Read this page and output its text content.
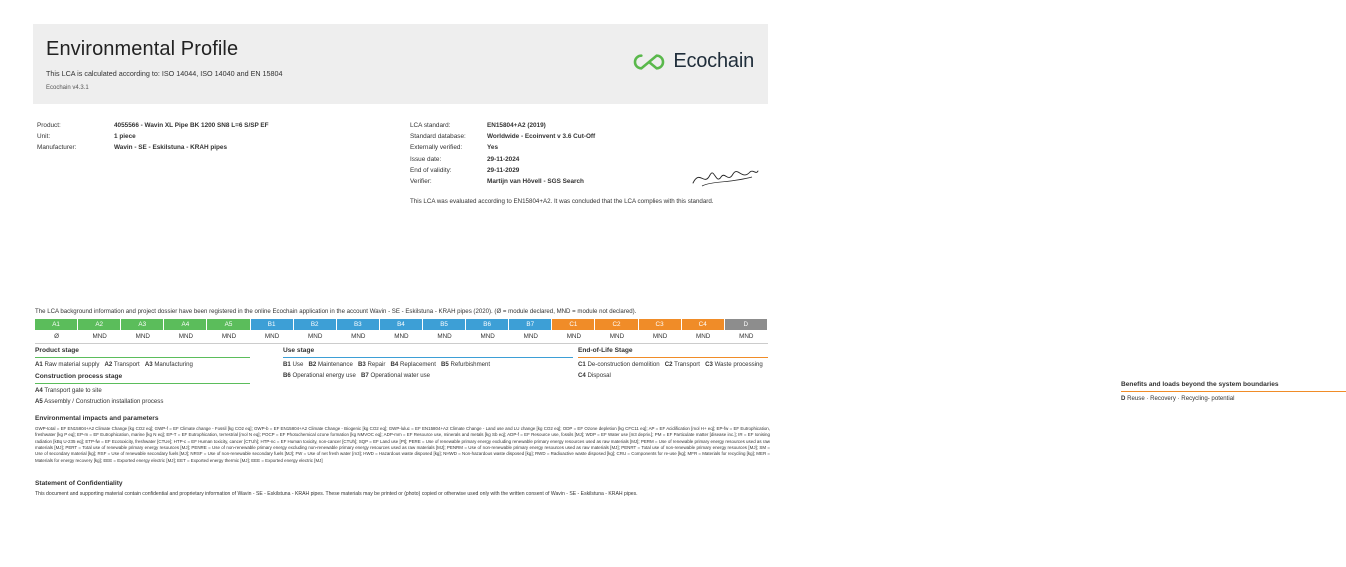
Environmental Profile
This LCA is calculated according to: ISO 14044, ISO 14040 and EN 15804
Ecochain v4.3.1
Ecochain
Product:	4055566 - Wavin XL Pipe BK 1200 SN8 L=6 S/SP EF
Unit:	1 piece
Manufacturer:	Wavin - SE - Eskilstuna - KRAH pipes
LCA standard:	EN15804+A2 (2019)
Standard database:	Worldwide - Ecoinvent v 3.6 Cut-Off
Externally verified:	Yes
Issue date:	29-11-2024
End of validity:	29-11-2029
Verifier:	Martijn van Hövell - SGS Search
This LCA was evaluated according to EN15804+A2. It was concluded that the LCA complies with this standard.
The LCA background information and project dossier have been registered in the online Ecochain application in the account Wavin - SE - Eskilstuna - KRAH pipes (2020). (Ø = module declared, MND = module not declared).
A1	A2	A3	A4	A5	B1	B2	B3	B4	B5	B6	B7	C1	C2	C3	C4	D
Ø	MND	MND	MND	MND	MND	MND	MND	MND	MND	MND	MND	MND	MND	MND	MND	MND
Product stage
A1 Raw material supply A2 Transport A3 Manufacturing
Construction process stage
A4 Transport gate to site
A5 Assembly / Construction installation process
Use stage
B1 Use B2 Maintenance B3 Repair B4 Replacement B5 Refurbishment
B6 Operational energy use B7 Operational water use
End-of-Life Stage
C1 De-construction demolition C2 Transport C3 Waste processing
C4 Disposal
Benefits and loads beyond the system boundaries
D Reuse · Recovery · Recycling- potential
Environmental impacts and parameters
GWP-total = EF EN15804+A2 Climate Change [kg CO2 eq]; GWP-f = EF Climate change - Fossil [kg CO2 eq]; GWP-b = EF EN15804+A2 Climate Change - Biogenic [kg CO2 eq]; GWP-luluc = EF EN15804+A2 Climate Change - Land use and LU change [kg CO2 eq]; ODP = EF Ozone depletion [kg CFC11 eq]; AP = EF Acidification [mol H+ eq]; EP-fw = EF Eutrophication, freshwater [kg P eq]; EP-m = EF Eutrophication, marine [kg N eq]; EP-T = EF Eutrophication, terrestrial [mol N eq]; POCP = EF Photochemical ozone formation [kg NMVOC eq]; ADP-mm = EF Resource use, minerals and metals [kg Sb eq]; ADP-f = EF Resource use, fossils [MJ]; WDP = EF Water use [m3 depriv.]; PM = EF Particulate matter [disease inc.]; IR = EF Ionising radiation [kBq U-235 eq]; ETP-fw = EF Ecotoxicity, freshwater [CTUe]; HTP-c = EF Human toxicity, cancer [CTUh]; HTP-nc = EF Human toxicity, non-cancer [CTUh]; SQP = EF Land use [Pt]; PERE = Use of renewable primary energy excluding renewable primary energy resources used as raw materials [MJ]; PERM = Use of renewable primary energy resources used as raw materials [MJ]; PERT = Total use of renewable primary energy resources [MJ]; PENRE = Use of non-renewable primary energy excluding non-renewable primary energy resources used as raw materials [MJ]; PENRM = Use of non-renewable primary energy resources used as raw materials [MJ]; PENRT = Total use of non-renewable primary energy resources [MJ]; SM = Use of secondary material [kg]; RSF = Use of renewable secondary fuels [MJ]; NRSF = Use of non-renewable secondary fuels [MJ]; FW = Use of net fresh water [m3]; HWD = Hazardous waste disposed [kg]; NHWD = Non-hazardous waste disposed [kg]; RWD = Radioactive waste disposed [kg]; CRU = Components for re-use [kg]; MFR = Materials for recycling [kg]; MER = Materials for energy recovery [kg]; EEE = Exported energy electric [MJ]; EET = Exported energy thermic [MJ]; EEE = Exported energy electric [MJ]
Statement of Confidentiality
This document and supporting material contain confidential and proprietary information of Wavin - SE - Eskilstuna - KRAH pipes. These materials may be printed or (photo) copied or otherwise used only with the written consent of Wavin - SE - Eskilstuna - KRAH pipes.
